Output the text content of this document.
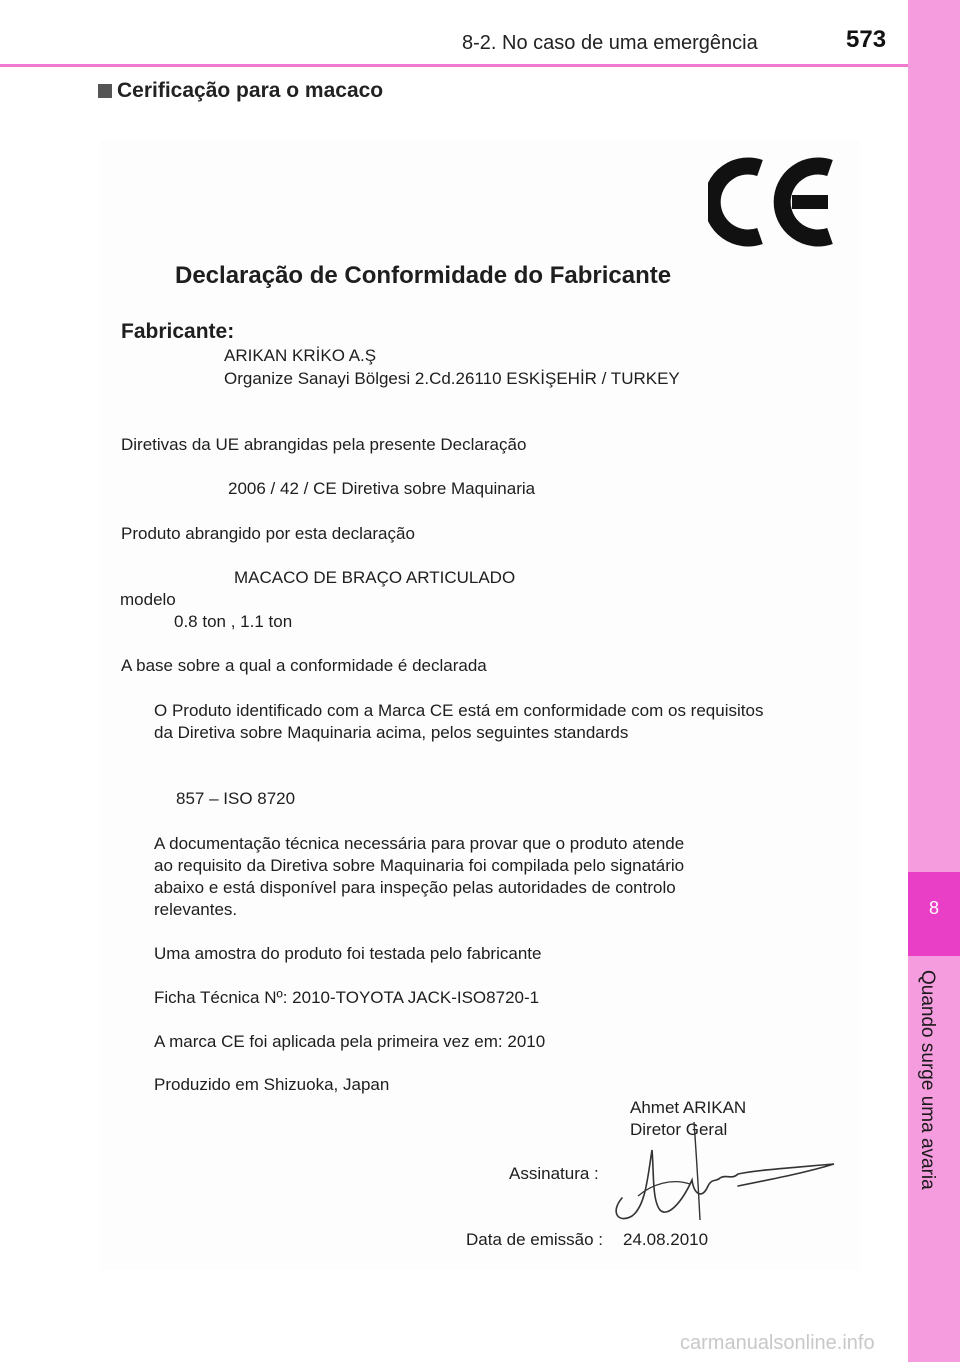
8-2. No caso de uma emergência	573
8
Quando surge uma avaria
Cerificação para o macaco
Declaração de Conformidade do Fabricante
Fabricante:
ARIKAN KRİKO A.Ş
Organize Sanayi Bölgesi 2.Cd.26110 ESKİŞEHİR / TURKEY
Diretivas da UE abrangidas pela presente Declaração
2006 / 42 / CE Diretiva sobre Maquinaria
Produto abrangido por esta declaração
MACACO DE BRAÇO ARTICULADO
modelo
0.8 ton , 1.1 ton
A base sobre a qual a conformidade é declarada
O Produto identificado com a Marca CE está em conformidade com os requisitos
da Diretiva sobre Maquinaria acima, pelos seguintes standards
857 – ISO 8720
A documentação técnica necessária para provar que o produto atende
ao requisito da Diretiva sobre Maquinaria foi compilada pelo signatário
abaixo e está disponível para inspeção pelas autoridades de controlo
relevantes.
Uma amostra do produto foi testada pelo fabricante
Ficha Técnica Nº: 2010-TOYOTA JACK-ISO8720-1
A marca CE foi aplicada pela primeira vez em: 2010
Produzido em Shizuoka, Japan
Ahmet ARIKAN
Diretor Geral
Assinatura :
Data de emissão : 24.08.2010
carmanualsonline.info
